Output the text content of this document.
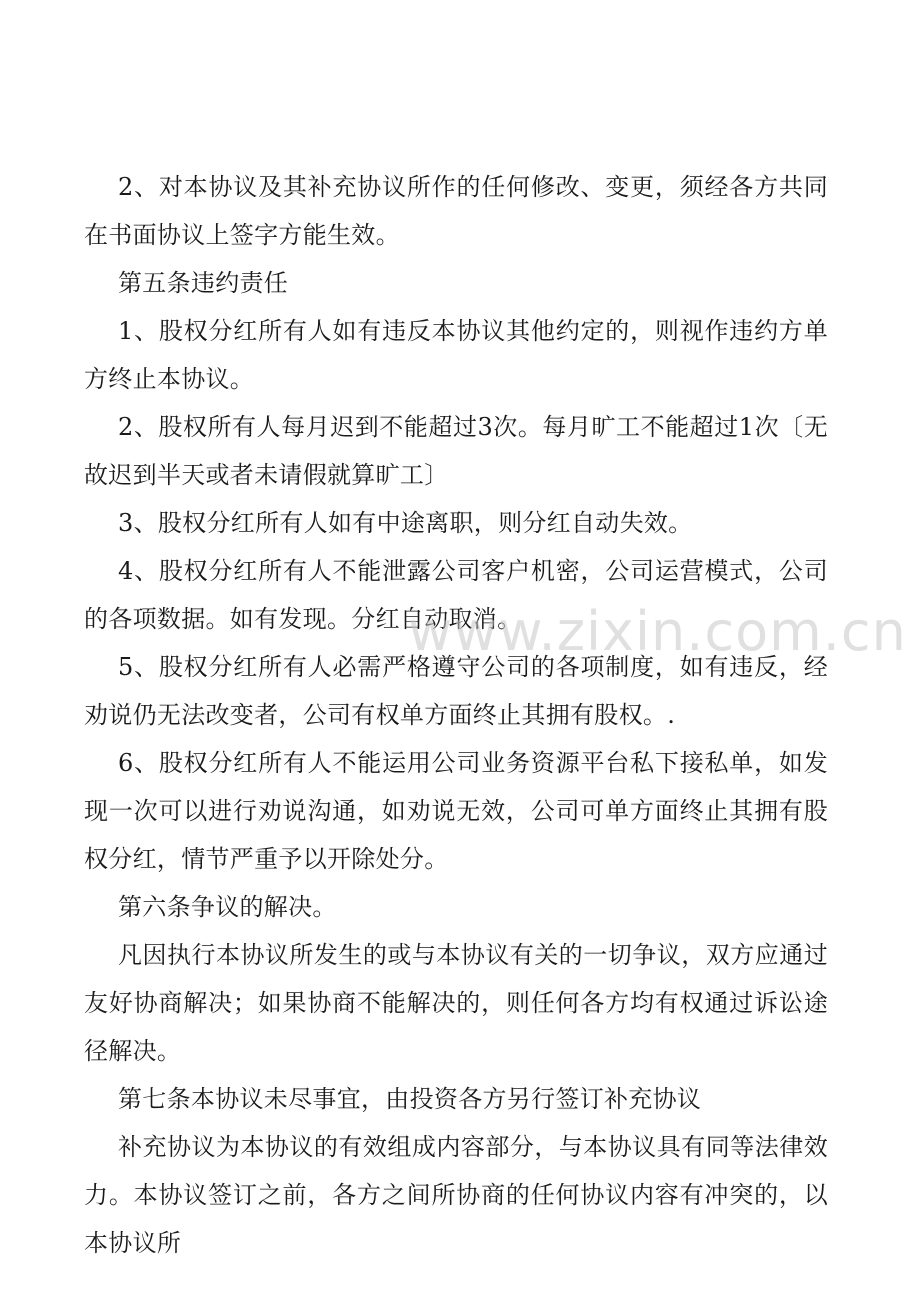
2、对本协议及其补充协议所作的任何修改、变更，须经各方共同在书面协议上签字方能生效。

第五条违约责任

1、股权分红所有人如有违反本协议其他约定的，则视作违约方单方终止本协议。

2、股权所有人每月迟到不能超过3次。每月旷工不能超过1次〔无故迟到半天或者未请假就算旷工〕

3、股权分红所有人如有中途离职，则分红自动失效。

4、股权分红所有人不能泄露公司客户机密，公司运营模式，公司的各项数据。如有发现。分红自动取消。

5、股权分红所有人必需严格遵守公司的各项制度，如有违反，经劝说仍无法改变者，公司有权单方面终止其拥有股权。.

6、股权分红所有人不能运用公司业务资源平台私下接私单，如发现一次可以进行劝说沟通，如劝说无效，公司可单方面终止其拥有股权分红，情节严重予以开除处分。

第六条争议的解决。

凡因执行本协议所发生的或与本协议有关的一切争议，双方应通过友好协商解决；如果协商不能解决的，则任何各方均有权通过诉讼途径解决。

第七条本协议未尽事宜，由投资各方另行签订补充协议

补充协议为本协议的有效组成内容部分，与本协议具有同等法律效力。本协议签订之前，各方之间所协商的任何协议内容有冲突的，以本协议所

www.zixin.com.cn
